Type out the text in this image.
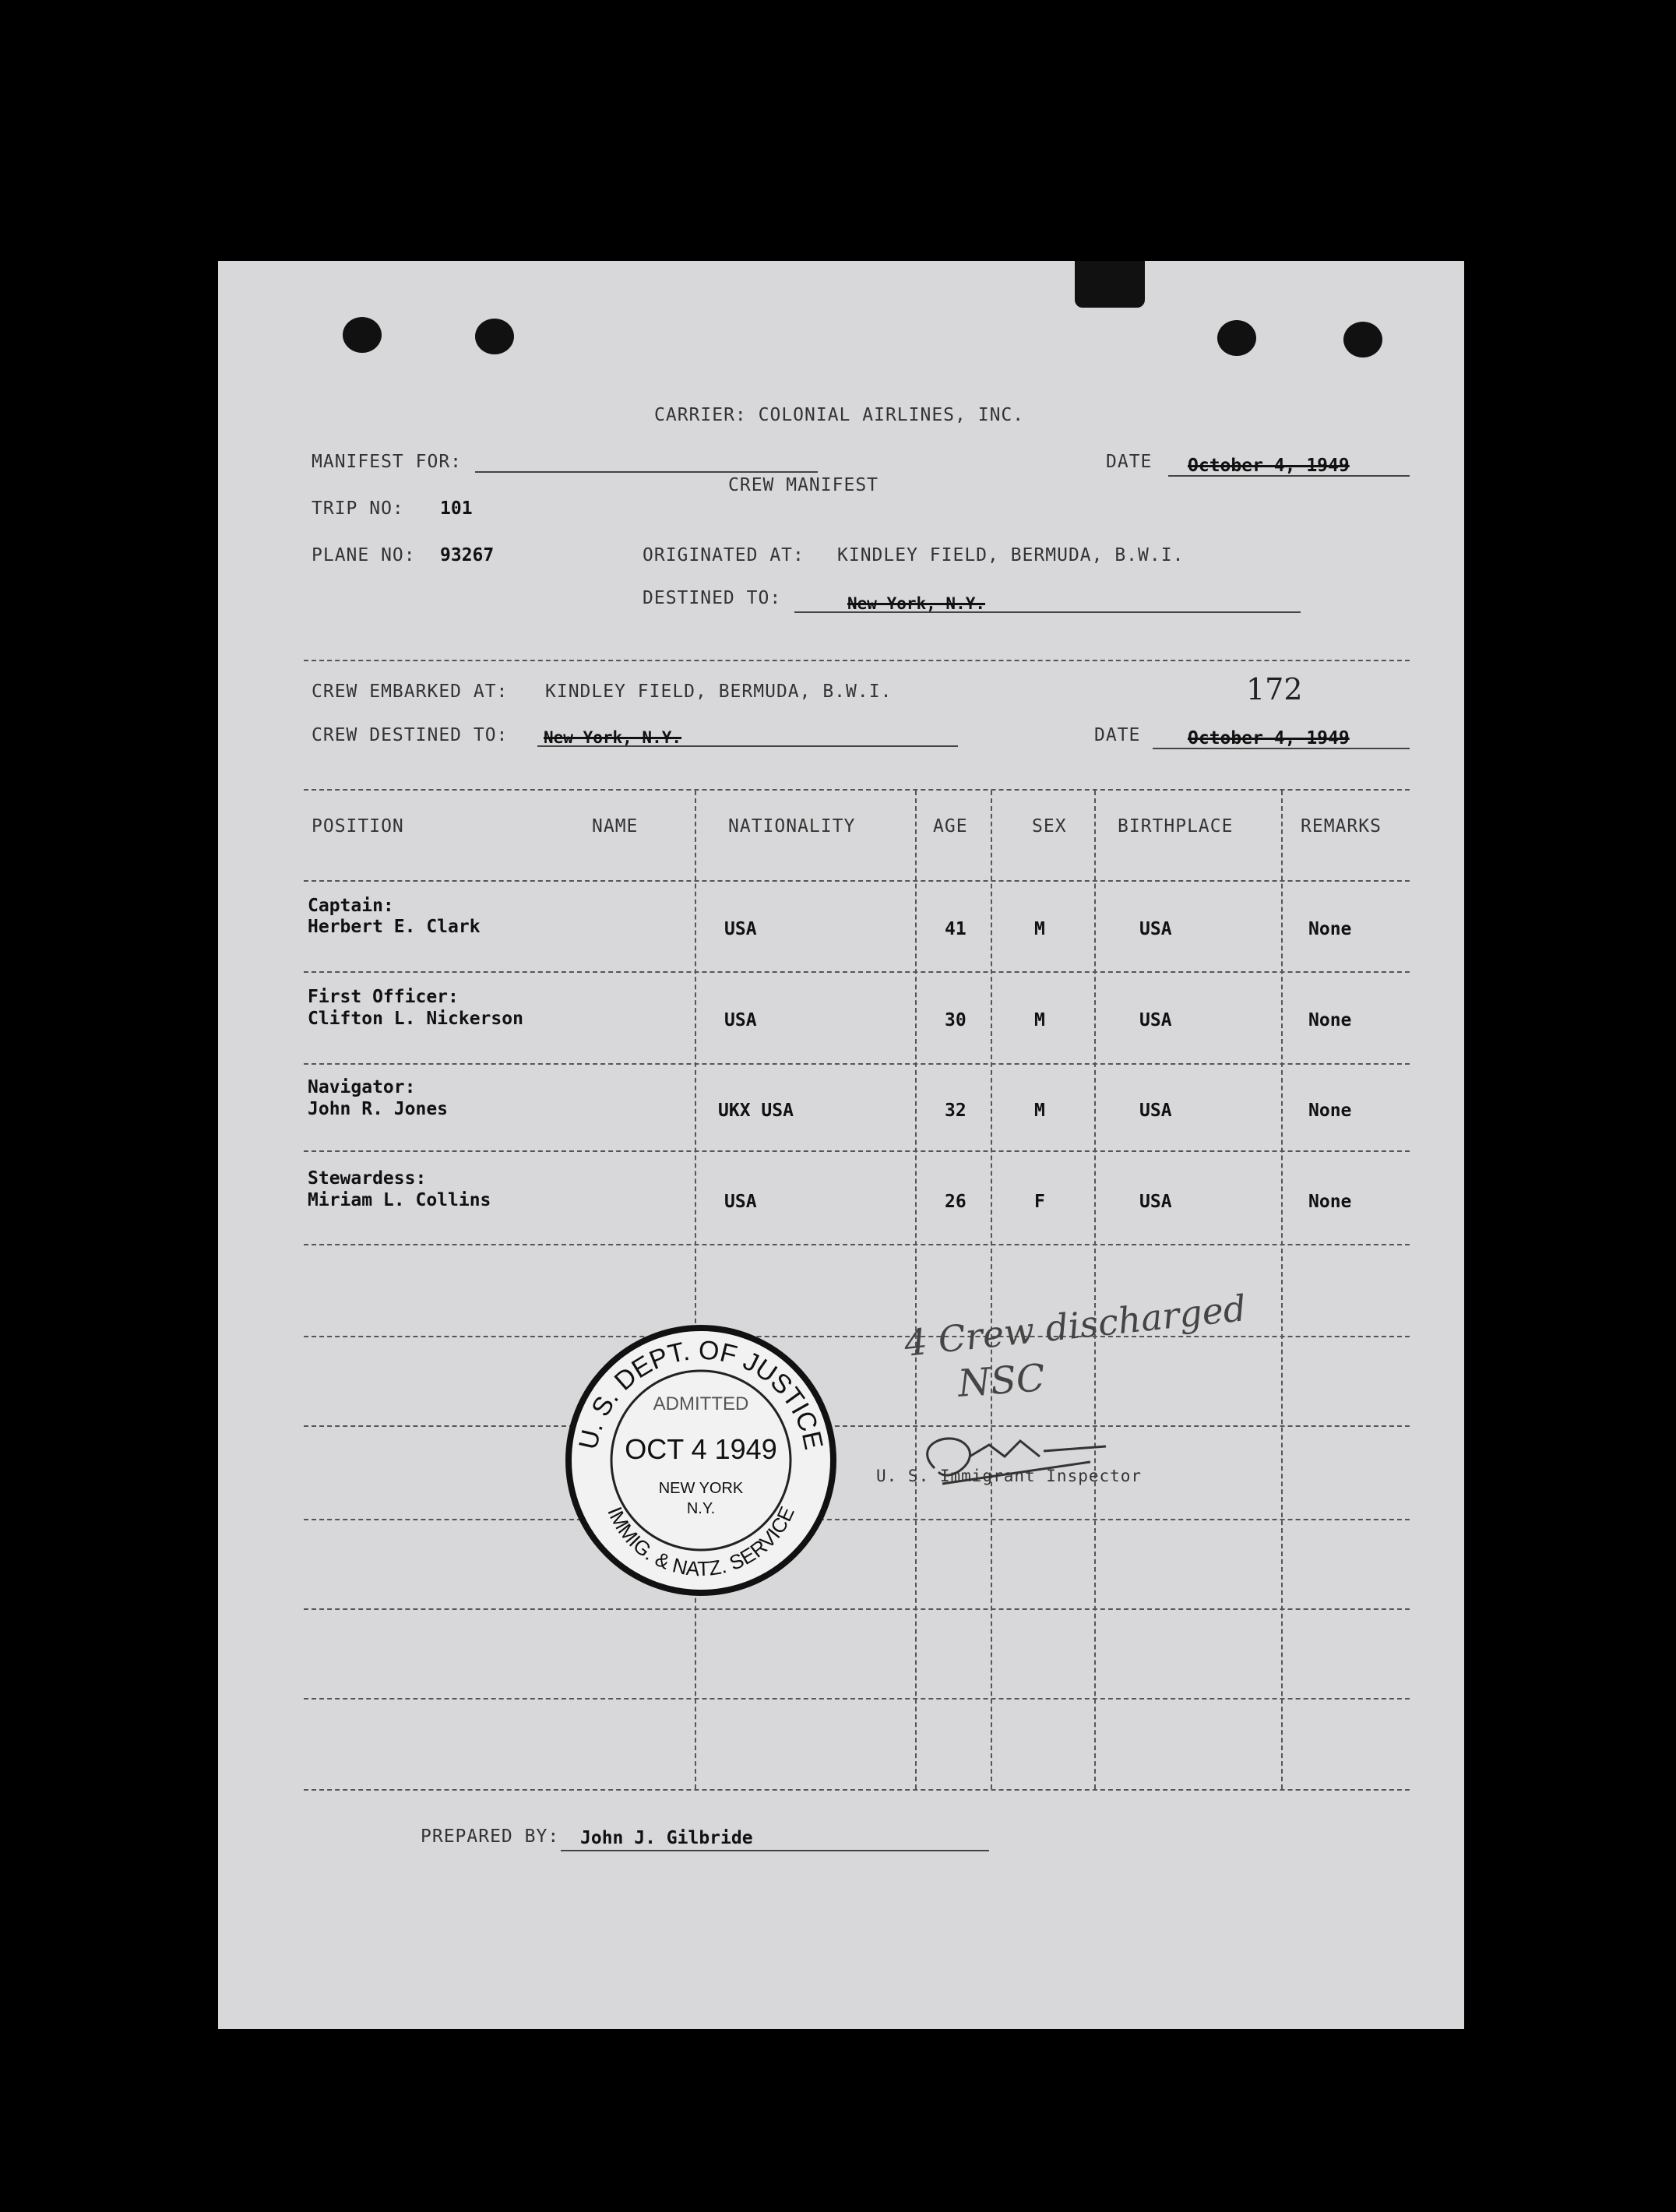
CARRIER: COLONIAL AIRLINES, INC.
MANIFEST FOR:
CREW MANIFEST
DATE October 4, 1949
TRIP NO: 101
PLANE NO: 93267	ORIGINATED AT: KINDLEY FIELD, BERMUDA, B.W.I.
DESTINED TO:	New York, N.Y.
CREW EMBARKED AT: KINDLEY FIELD, BERMUDA, B.W.I.	172
CREW DESTINED TO: New York, N.Y.	DATE	October 4, 1949
POSITION	NAME	NATIONALITY	AGE	SEX	BIRTHPLACE	REMARKS
Captain:
Herbert E. Clark	USA	41	M	USA	None
First Officer:
Clifton L. Nickerson	USA	30	M	USA	None
Navigator:
John R. Jones	UKX USA	32	M	USA	None
Stewardess:
Miriam L. Collins	USA	26	F	USA	None
U. S. DEPT. OF JUSTICE
IMMIG. & NATZ. SERVICE
ADMITTED
OCT 4 1949
NEW YORK
N.Y.
4 Crew discharged
NSC
U. S. Immigrant Inspector
PREPARED BY: John J. Gilbride
